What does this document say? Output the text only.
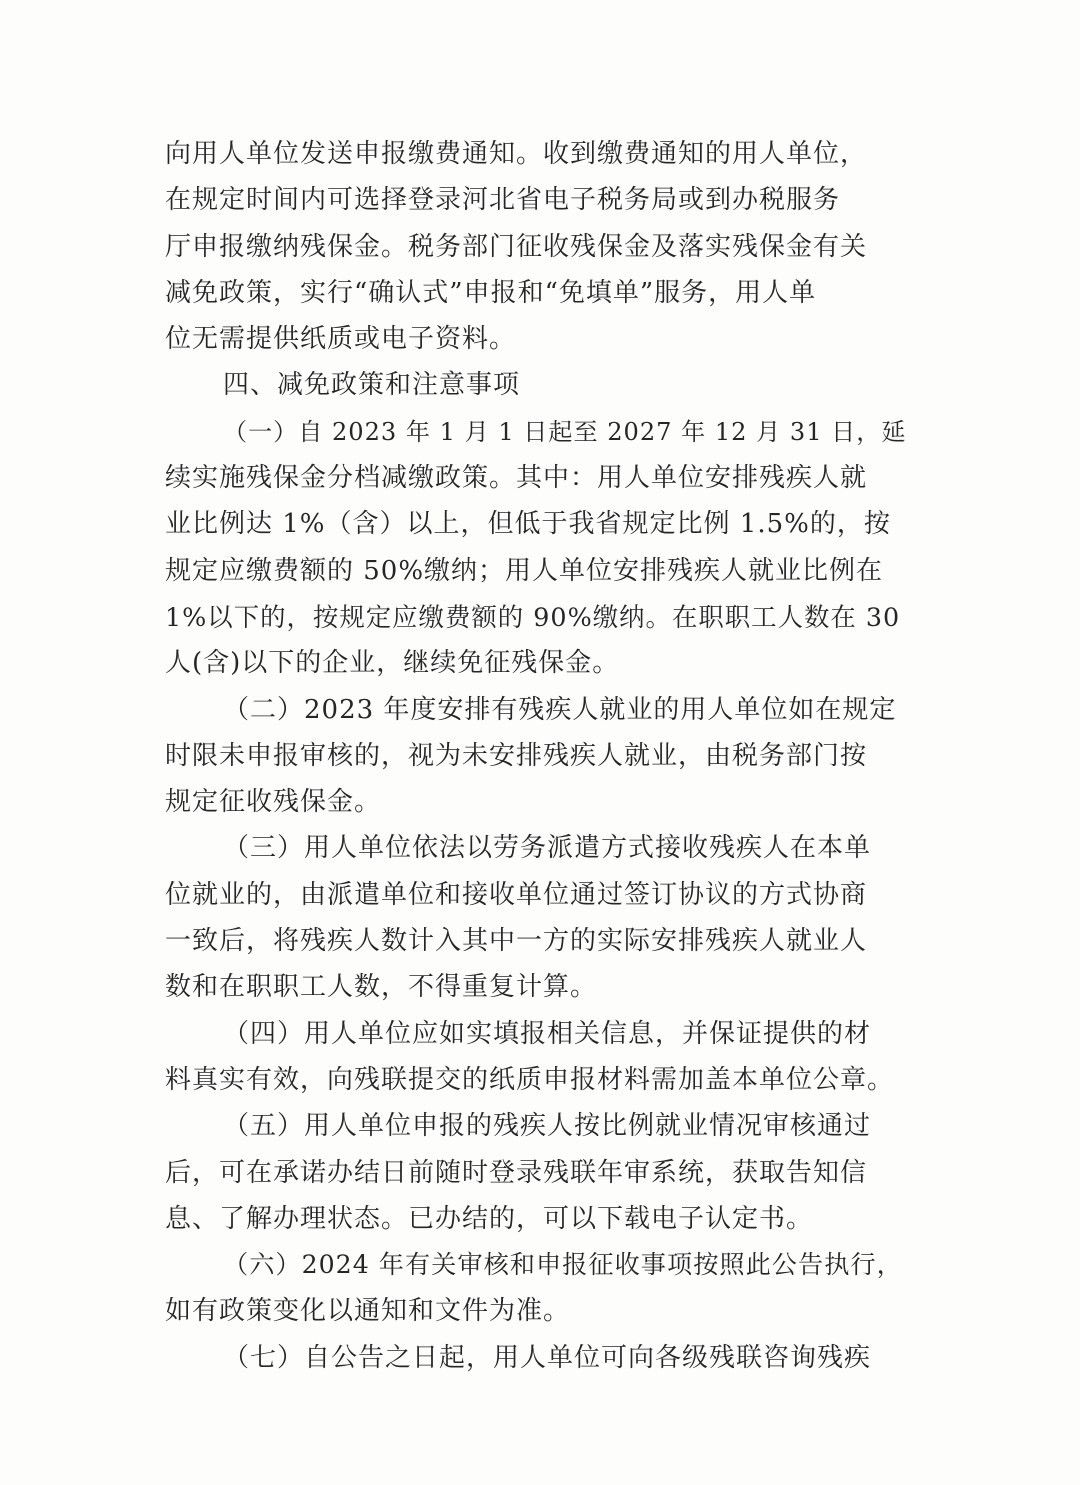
向用人单位发送申报缴费通知。收到缴费通知的用人单位，
在规定时间内可选择登录河北省电子税务局或到办税服务
厅申报缴纳残保金。税务部门征收残保金及落实残保金有关
减免政策，实行“确认式”申报和“免填单”服务，用人单
位无需提供纸质或电子资料。
四、减免政策和注意事项
（一）自 2023 年 1 月 1 日起至 2027 年 12 月 31 日，延
续实施残保金分档减缴政策。其中：用人单位安排残疾人就
业比例达 1%（含）以上，但低于我省规定比例 1.5%的，按
规定应缴费额的 50%缴纳；用人单位安排残疾人就业比例在
1%以下的，按规定应缴费额的 90%缴纳。在职职工人数在 30
人(含)以下的企业，继续免征残保金。
（二）2023 年度安排有残疾人就业的用人单位如在规定
时限未申报审核的，视为未安排残疾人就业，由税务部门按
规定征收残保金。
（三）用人单位依法以劳务派遣方式接收残疾人在本单
位就业的，由派遣单位和接收单位通过签订协议的方式协商
一致后，将残疾人数计入其中一方的实际安排残疾人就业人
数和在职职工人数，不得重复计算。
（四）用人单位应如实填报相关信息，并保证提供的材
料真实有效，向残联提交的纸质申报材料需加盖本单位公章。
（五）用人单位申报的残疾人按比例就业情况审核通过
后，可在承诺办结日前随时登录残联年审系统，获取告知信
息、了解办理状态。已办结的，可以下载电子认定书。
（六）2024 年有关审核和申报征收事项按照此公告执行，
如有政策变化以通知和文件为准。
（七）自公告之日起，用人单位可向各级残联咨询残疾
